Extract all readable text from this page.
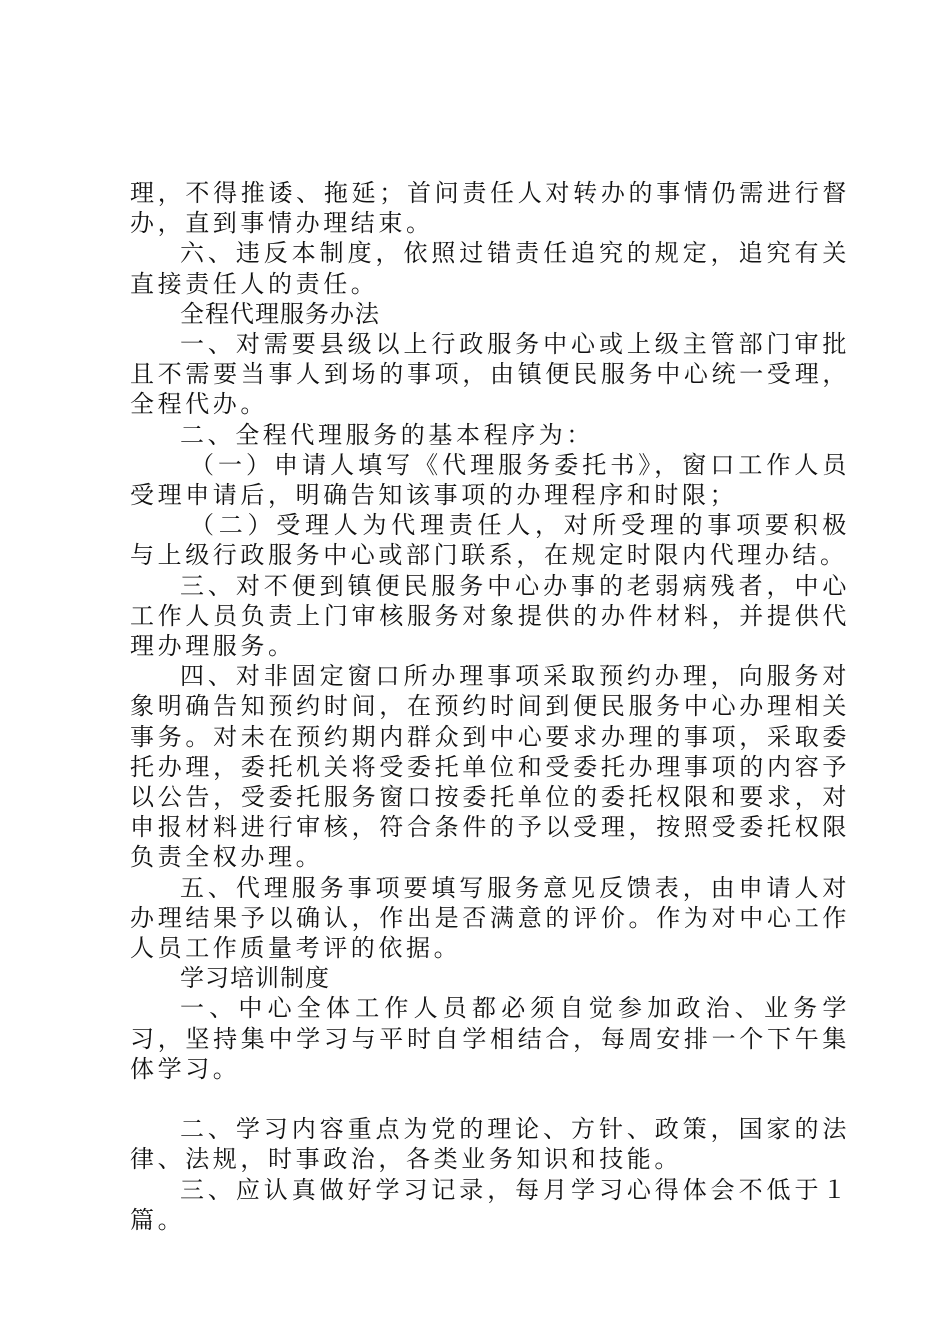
理，不得推诿、拖延；首问责任人对转办的事情仍需进行督办，直到事情办理结束。

六、违反本制度，依照过错责任追究的规定，追究有关直接责任人的责任。

全程代理服务办法

一、对需要县级以上行政服务中心或上级主管部门审批且不需要当事人到场的事项，由镇便民服务中心统一受理，全程代办。

二、全程代理服务的基本程序为：

（一）申请人填写《代理服务委托书》，窗口工作人员受理申请后，明确告知该事项的办理程序和时限；

（二）受理人为代理责任人，对所受理的事项要积极与上级行政服务中心或部门联系，在规定时限内代理办结。

三、对不便到镇便民服务中心办事的老弱病残者，中心工作人员负责上门审核服务对象提供的办件材料，并提供代理办理服务。

四、对非固定窗口所办理事项采取预约办理，向服务对象明确告知预约时间，在预约时间到便民服务中心办理相关事务。对未在预约期内群众到中心要求办理的事项，采取委托办理，委托机关将受委托单位和受委托办理事项的内容予以公告，受委托服务窗口按委托单位的委托权限和要求，对申报材料进行审核，符合条件的予以受理，按照受委托权限负责全权办理。

五、代理服务事项要填写服务意见反馈表，由申请人对办理结果予以确认，作出是否满意的评价。作为对中心工作人员工作质量考评的依据。

学习培训制度

一、中心全体工作人员都必须自觉参加政治、业务学习，坚持集中学习与平时自学相结合，每周安排一个下午集体学习。

二、学习内容重点为党的理论、方针、政策，国家的法律、法规，时事政治，各类业务知识和技能。

三、应认真做好学习记录，每月学习心得体会不低于１篇。
